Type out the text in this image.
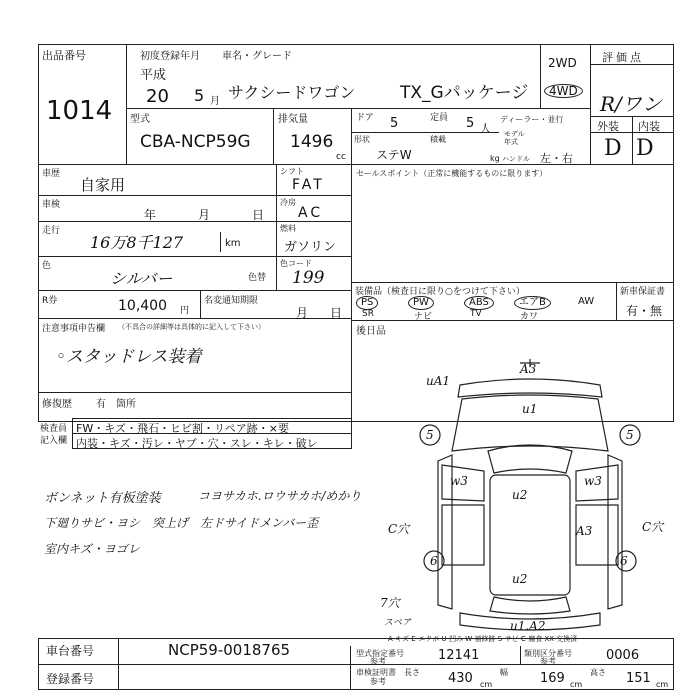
出品番号
1014
初度登録年月 車名・グレード
平成
20 5 月 サクシードワゴン	TX_Gパッケージ
2WD
4WD
評価点
R/ワン
外装 内装
D D
型式
CBA-NCP59G
排気量
1496
cc
ドア 5	定員 5 人
ディーラー・並行
モデル
年式
形状	積載
ステW	kg ハンドル 左・右
車歴
自家用
車検
年	月	日
走行
16万8千127	km
色
シルバー	色替
シフト
FAT
冷房
AC
燃料
ガソリン
色コード
199
セールスポイント（正常に機能するものに限ります）
R券	10,400 円
名変通知期限
月 日
装備品（検査日に限り○をつけて下さい）	新車保証書
有・無
PS
SR
PW
ナビ
ABS
TV
エアB
カワ
AW
後日品
注意事項申告欄 （不具合の詳細等は具体的に記入して下さい）
◦スタッドレス装着
修復歴 有 箇所
検査員
記入欄
FW・キズ・飛石・ヒビ割・リペア跡・×要
内装・キズ・汚レ・ヤブ・穴・スレ・キレ・破レ
ボンネット有板塗装	コヨサカホ.ロウサカホ/めかり
下廻りサビ・ヨシ　突上げ　左ドサイドメンバー歪
室内キズ・ヨゴレ
uA1
A3
u1
5	5
w3	w3
u2
C穴	A3	C穴
6	6
u2
7穴
u1.A2
スペア
A-キズ E-エクボ U-凹み W-補修跡 S-サビ C-腐食 XX-交換済
車台番号	NCP59-0018765
登録番号
型式指定番号
参考	12141	類別区分番号
参考	0006
車検証明書
参考
長さ 430 cm
幅 169 cm
高さ 151 cm
